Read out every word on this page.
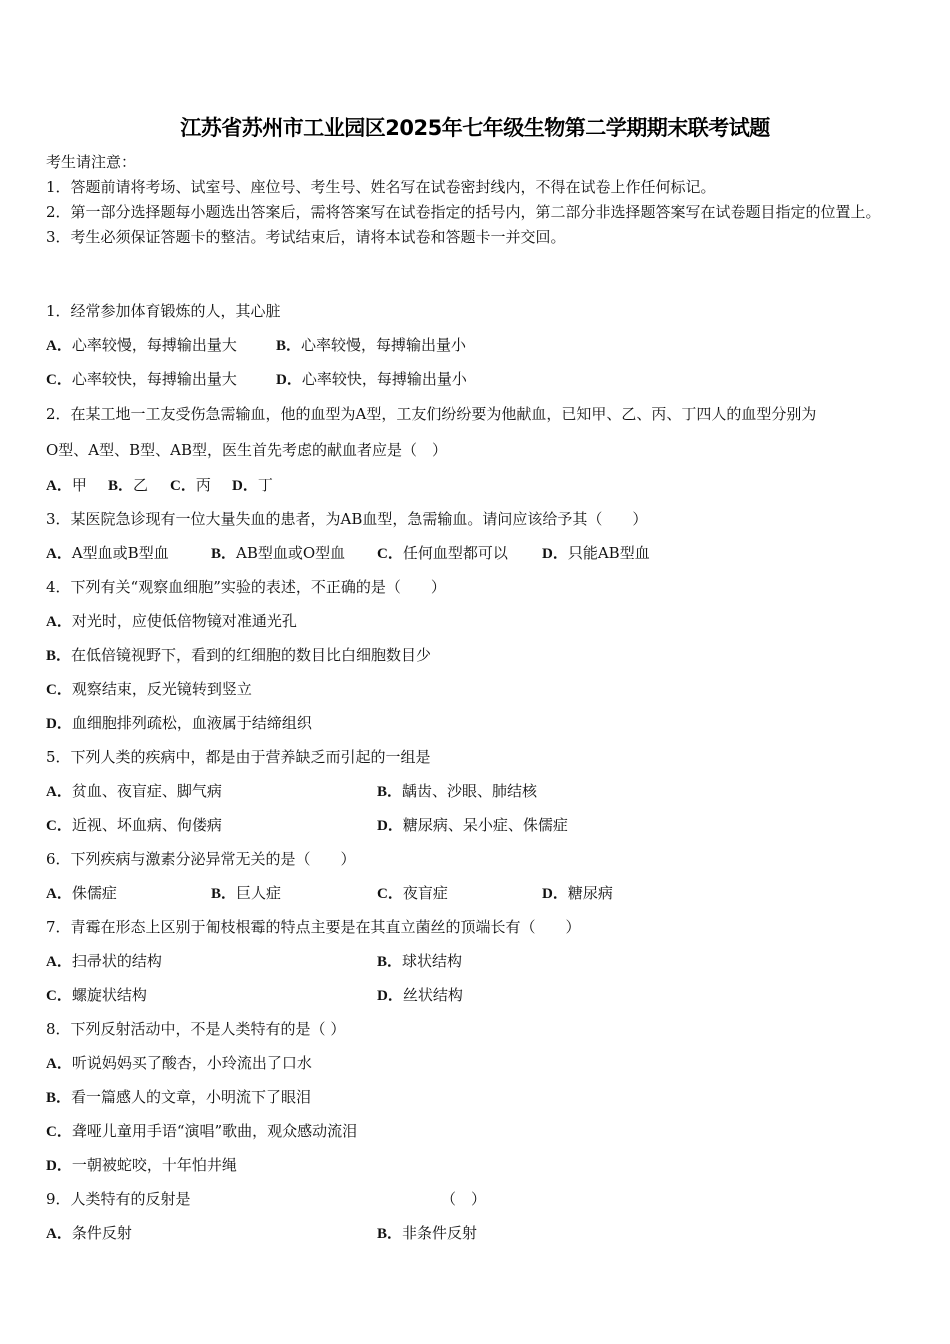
江苏省苏州市工业园区2025年七年级生物第二学期期末联考试题
考生请注意：
1．答题前请将考场、试室号、座位号、考生号、姓名写在试卷密封线内，不得在试卷上作任何标记。
2．第一部分选择题每小题选出答案后，需将答案写在试卷指定的括号内，第二部分非选择题答案写在试卷题目指定的位置上。
3．考生必须保证答题卡的整洁。考试结束后，请将本试卷和答题卡一并交回。
1．经常参加体育锻炼的人，其心脏
A．心率较慢，每搏输出量大	B．心率较慢，每搏输出量小
C．心率较快，每搏输出量大	D．心率较快，每搏输出量小
2．在某工地一工友受伤急需输血，他的血型为A型，工友们纷纷要为他献血，已知甲、乙、丙、丁四人的血型分别为
O型、A型、B型、AB型，医生首先考虑的献血者应是（　）
A．甲 B．乙 C．丙 D．丁
3．某医院急诊现有一位大量失血的患者，为AB血型，急需输血。请问应该给予其（　　）
A．A型血或B型血	B．AB型血或O型血 C．任何血型都可以 D．只能AB型血
4．下列有关“观察血细胞”实验的表述，不正确的是（　　）
A．对光时，应使低倍物镜对准通光孔
B．在低倍镜视野下，看到的红细胞的数目比白细胞数目少
C．观察结束，反光镜转到竖立
D．血细胞排列疏松，血液属于结缔组织
5．下列人类的疾病中，都是由于营养缺乏而引起的一组是
A．贫血、夜盲症、脚气病	B．龋齿、沙眼、肺结核
C．近视、坏血病、佝偻病	D．糖尿病、呆小症、侏儒症
6．下列疾病与激素分泌异常无关的是（　　）
A．侏儒症	B．巨人症	C．夜盲症	D．糖尿病
7．青霉在形态上区别于匍枝根霉的特点主要是在其直立菌丝的顶端长有（　　）
A．扫帚状的结构	B．球状结构
C．螺旋状结构	D．丝状结构
8．下列反射活动中，不是人类特有的是（ ）
A．听说妈妈买了酸杏，小玲流出了口水
B．看一篇感人的文章，小明流下了眼泪
C．聋哑儿童用手语“演唱”歌曲，观众感动流泪
D．一朝被蛇咬，十年怕井绳
9．人类特有的反射是	（　）
A．条件反射	B．非条件反射
